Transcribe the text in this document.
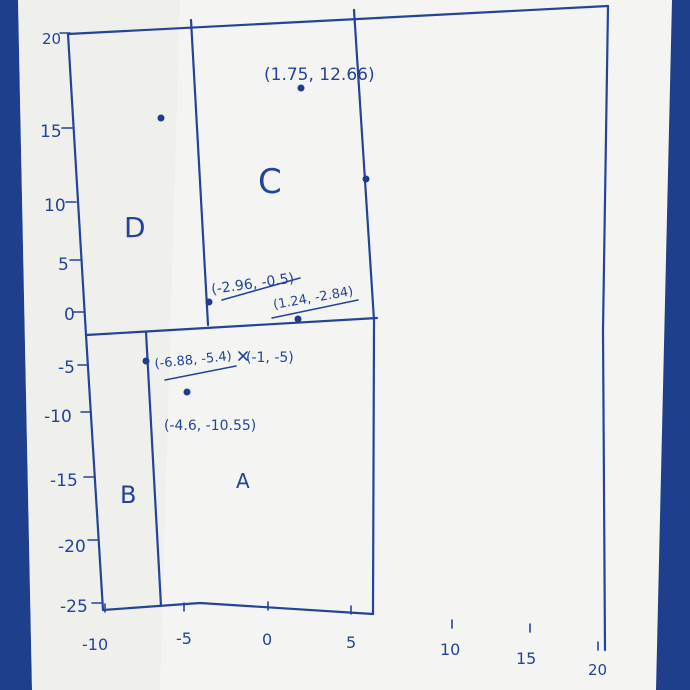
20
15
10
5
0
-5
-10
-15
-20
-25
-10	-5	0	5	10	15
20
A
B
C
D
(1.75, 12.66)
(-2.96, -0.5)
(1.24, -2.84)
(-6.88, -5.4) (-1, -5)
(-4.6, -10.55)
